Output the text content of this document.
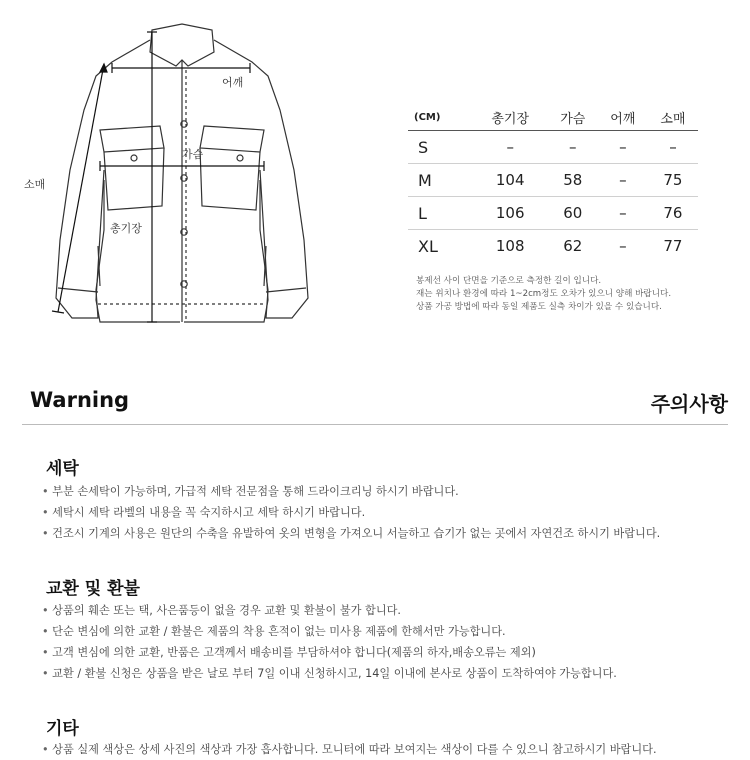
어깨
가슴
총기장
소매
(CM)	총기장	가슴	어깨	소매
S	–	–	–	–
M	104	58	–	75
L	106	60	–	76
XL	108	62	–	77
봉제선 사이 단면을 기준으로 측정한 길이 입니다.
재는 위치나 환경에 따라 1~2cm정도 오차가 있으니 양해 바랍니다.
상품 가공 방법에 따라 동일 제품도 실측 차이가 있을 수 있습니다.
Warning	주의사항
세탁
• 부분 손세탁이 가능하며, 가급적 세탁 전문점을 통해 드라이크리닝 하시기 바랍니다.
• 세탁시 세탁 라벨의 내용을 꼭 숙지하시고 세탁 하시기 바랍니다.
• 건조시 기계의 사용은 원단의 수축을 유발하여 옷의 변형을 가져오니 서늘하고 습기가 없는 곳에서 자연건조 하시기 바랍니다.
교환 및 환불
• 상품의 훼손 또는 택, 사은품등이 없을 경우 교환 및 환불이 불가 합니다.
• 단순 변심에 의한 교환 / 환불은 제품의 착용 흔적이 없는 미사용 제품에 한해서만 가능합니다.
• 고객 변심에 의한 교환, 반품은 고객께서 배송비를 부담하셔야 합니다(제품의 하자,배송오류는 제외)
• 교환 / 환불 신청은 상품을 받은 날로 부터 7일 이내 신청하시고, 14일 이내에 본사로 상품이 도착하여야 가능합니다.
기타
• 상품 실제 색상은 상세 사진의 색상과 가장 흡사합니다. 모니터에 따라 보여지는 색상이 다를 수 있으니 참고하시기 바랍니다.
